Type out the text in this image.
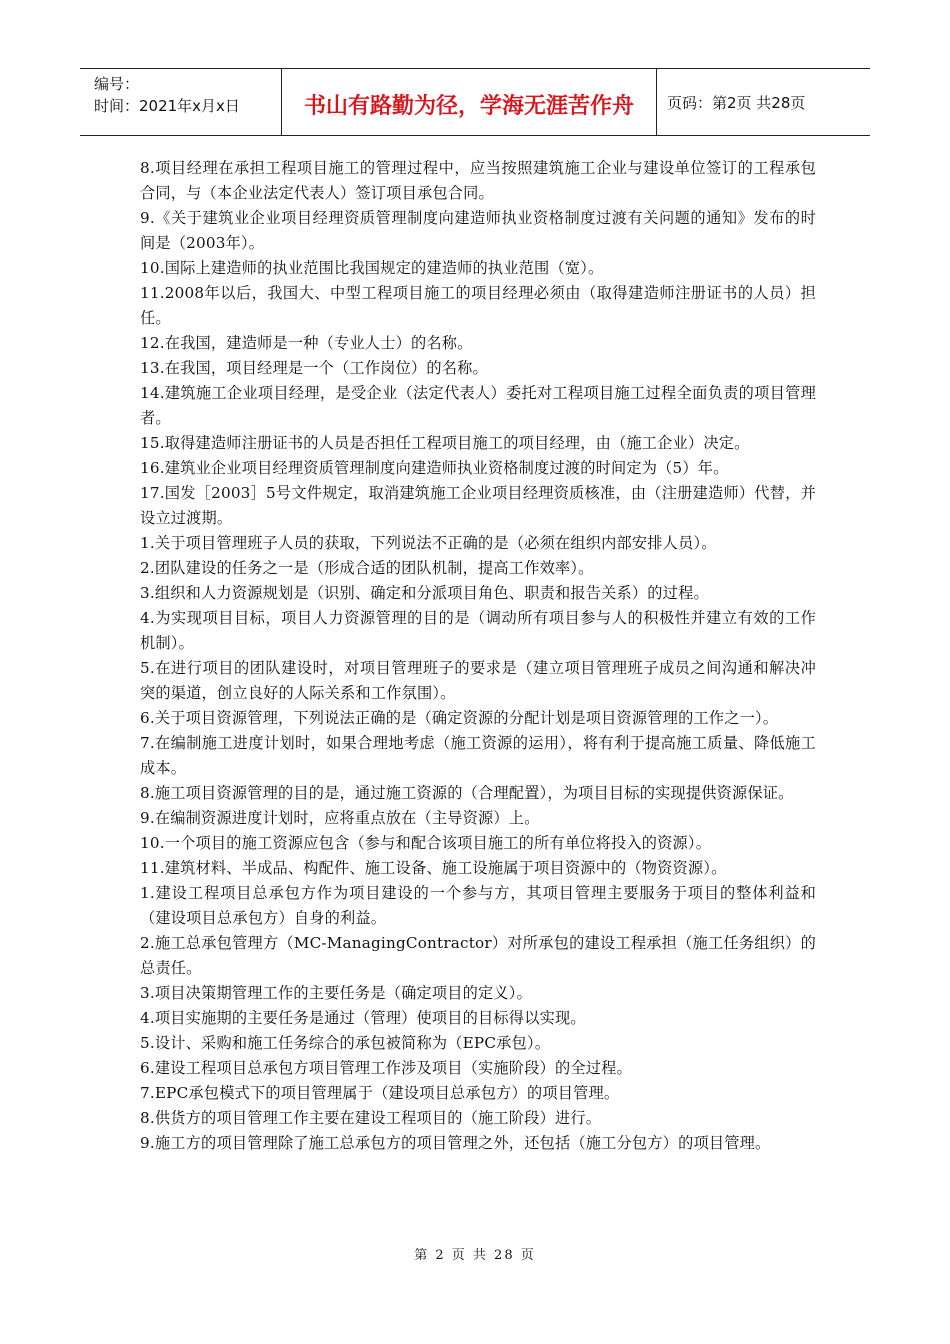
编号：
时间：2021年x月x日	书山有路勤为径，学海无涯苦作舟	页码：第2页 共28页

8.项目经理在承担工程项目施工的管理过程中，应当按照建筑施工企业与建设单位签订的工程承包合同，与（本企业法定代表人）签订项目承包合同。

9.《关于建筑业企业项目经理资质管理制度向建造师执业资格制度过渡有关问题的通知》发布的时间是（2003年）。

10.国际上建造师的执业范围比我国规定的建造师的执业范围（宽）。

11.2008年以后，我国大、中型工程项目施工的项目经理必须由（取得建造师注册证书的人员）担任。

12.在我国，建造师是一种（专业人士）的名称。

13.在我国，项目经理是一个（工作岗位）的名称。

14.建筑施工企业项目经理，是受企业（法定代表人）委托对工程项目施工过程全面负责的项目管理者。

15.取得建造师注册证书的人员是否担任工程项目施工的项目经理，由（施工企业）决定。

16.建筑业企业项目经理资质管理制度向建造师执业资格制度过渡的时间定为（5）年。

17.国发［2003］5号文件规定，取消建筑施工企业项目经理资质核准，由（注册建造师）代替，并设立过渡期。

1.关于项目管理班子人员的获取，下列说法不正确的是（必须在组织内部安排人员）。

2.团队建设的任务之一是（形成合适的团队机制，提高工作效率）。

3.组织和人力资源规划是（识别、确定和分派项目角色、职责和报告关系）的过程。

4.为实现项目目标，项目人力资源管理的目的是（调动所有项目参与人的积极性并建立有效的工作机制）。

5.在进行项目的团队建设时，对项目管理班子的要求是（建立项目管理班子成员之间沟通和解决冲突的渠道，创立良好的人际关系和工作氛围）。

6.关于项目资源管理，下列说法正确的是（确定资源的分配计划是项目资源管理的工作之一）。

7.在编制施工进度计划时，如果合理地考虑（施工资源的运用），将有利于提高施工质量、降低施工成本。

8.施工项目资源管理的目的是，通过施工资源的（合理配置），为项目目标的实现提供资源保证。

9.在编制资源进度计划时，应将重点放在（主导资源）上。

10.一个项目的施工资源应包含（参与和配合该项目施工的所有单位将投入的资源）。

11.建筑材料、半成品、构配件、施工设备、施工设施属于项目资源中的（物资资源）。

1.建设工程项目总承包方作为项目建设的一个参与方，其项目管理主要服务于项目的整体利益和（建设项目总承包方）自身的利益。

2.施工总承包管理方（MC-ManagingContractor）对所承包的建设工程承担（施工任务组织）的总责任。

3.项目决策期管理工作的主要任务是（确定项目的定义）。

4.项目实施期的主要任务是通过（管理）使项目的目标得以实现。

5.设计、采购和施工任务综合的承包被简称为（EPC承包）。

6.建设工程项目总承包方项目管理工作涉及项目（实施阶段）的全过程。

7.EPC承包模式下的项目管理属于（建设项目总承包方）的项目管理。

8.供货方的项目管理工作主要在建设工程项目的（施工阶段）进行。

9.施工方的项目管理除了施工总承包方的项目管理之外，还包括（施工分包方）的项目管理。

第 2 页 共 28 页
